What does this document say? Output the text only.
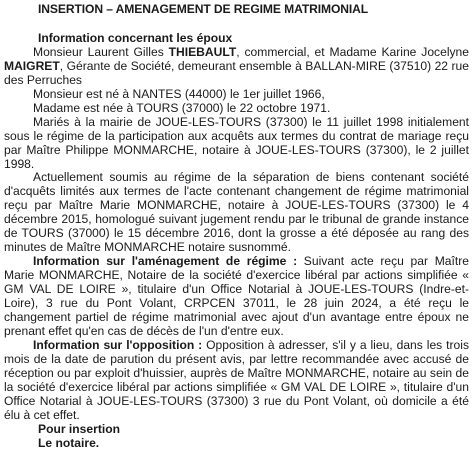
INSERTION – AMENAGEMENT DE REGIME MATRIMONIAL
Information concernant les époux

Monsieur Laurent Gilles THIEBAULT, commercial, et Madame Karine Jocelyne MAIGRET, Gérante de Société, demeurant ensemble à BALLAN-MIRE (37510) 22 rue des Perruches

Monsieur est né à NANTES (44000) le 1er juillet 1966,

Madame est née à TOURS (37000) le 22 octobre 1971.

Mariés à la mairie de JOUE-LES-TOURS (37300) le 11 juillet 1998 initialement sous le régime de la participation aux acquêts aux termes du contrat de mariage reçu par Maître Philippe MONMARCHE, notaire à JOUE-LES-TOURS (37300), le 2 juillet 1998.

Actuellement soumis au régime de la séparation de biens contenant société d'acquêts limités aux termes de l'acte contenant changement de régime matrimonial reçu par Maître Marie MONMARCHE, notaire à JOUE-LES-TOURS (37300) le 4 décembre 2015, homologué suivant jugement rendu par le tribunal de grande instance de TOURS (37000) le 15 décembre 2016, dont la grosse a été déposée au rang des minutes de Maître MONMARCHE notaire susnommé.

Information sur l'aménagement de régime : Suivant acte reçu par Maître Marie MONMARCHE, Notaire de la société d'exercice libéral par actions simplifiée « GM VAL DE LOIRE », titulaire d'un Office Notarial à JOUE-LES-TOURS (Indre-et-Loire), 3 rue du Pont Volant, CRPCEN 37011, le 28 juin 2024, a été reçu le changement partiel de régime matrimonial avec ajout d'un avantage entre époux ne prenant effet qu'en cas de décès de l'un d'entre eux.

Information sur l'opposition : Opposition à adresser, s'il y a lieu, dans les trois mois de la date de parution du présent avis, par lettre recommandée avec accusé de réception ou par exploit d'huissier, auprès de Maître MONMARCHE, notaire au sein de la société d'exercice libéral par actions simplifiée « GM VAL DE LOIRE », titulaire d'un Office Notarial à JOUE-LES-TOURS (37300) 3 rue du Pont Volant, où domicile a été élu à cet effet.

Pour insertion
Le notaire.
